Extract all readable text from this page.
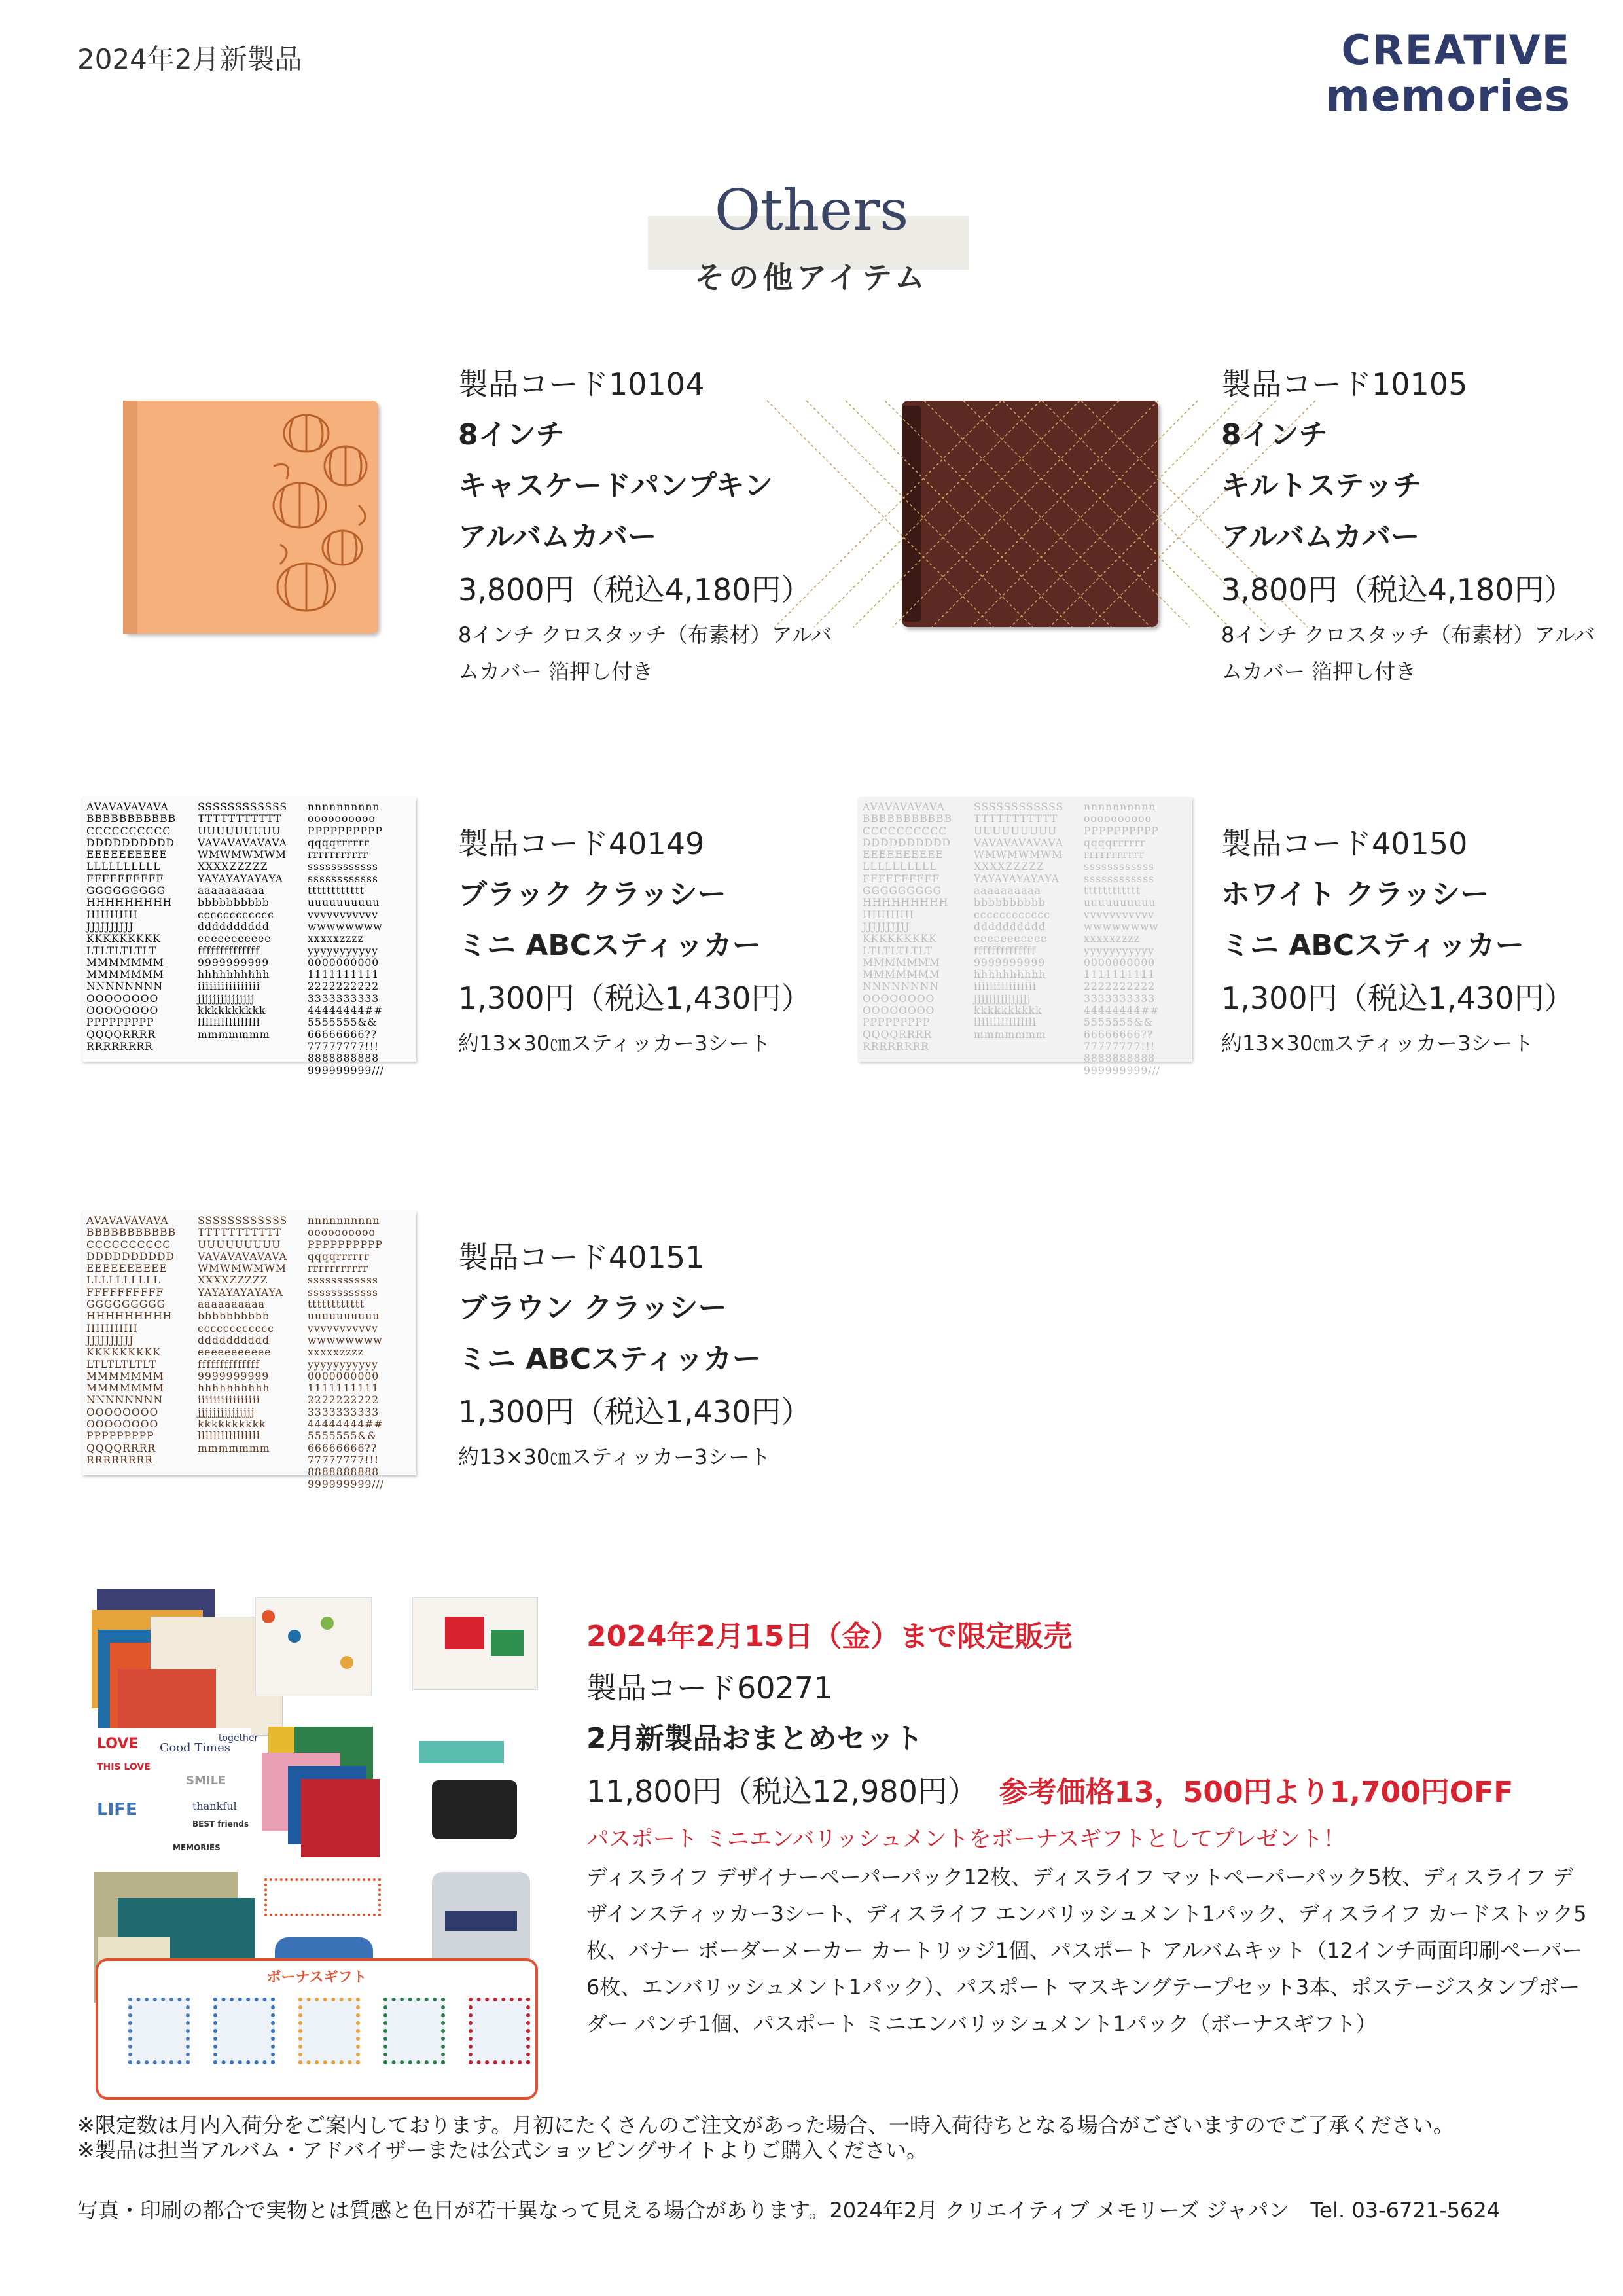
2024年2月新製品	CREATIVE
memories
Others
その他アイテム
製品コード10104
8インチ
キャスケードパンプキン
アルバムカバー
3,800円（税込4,180円）
8インチ クロスタッチ（布素材）アルバ
ムカバー 箔押し付き
製品コード10105
8インチ
キルトステッチ
アルバムカバー
3,800円（税込4,180円）
8インチ クロスタッチ（布素材）アルバ
ムカバー 箔押し付き
AVAVAVAVAVA
BBBBBBBBBBB
CCCCCCCCCC
DDDDDDDDDD
EEEEEEEEEE
LLLLLLLLLL
FFFFFFFFFF
GGGGGGGGG
HHHHHHHHH
IIIIIIIIIII
JJJJJJJJJJ
KKKKKKKKK
LTLTLTLTLT
MMMMMMM
MMMMMMM
NNNNNNNN
OOOOOOOO
OOOOOOOO
PPPPPPPPP
QQQQRRRR
RRRRRRRR
SSSSSSSSSSSS
TTTTTTTTTTT
UUUUUUUUU
VAVAVAVAVAVA
WMWMWMWM
XXXXZZZZZ
YAYAYAYAYAYA
aaaaaaaaaa
bbbbbbbbbb
cccccccccccc
dddddddddd
eeeeeeeeeee
ffffffffffffff
9999999999
hhhhhhhhhh
iiiiiiiiiiiiiiii
jjjjjjjjjjjjjjj
kkkkkkkkkk
llllllllllllllll
mmmmmmm
nnnnnnnnnn
oooooooooo
PPPPPPPPPP
qqqqrrrrrr
rrrrrrrrrrr
ssssssssssss
ssssssssssss
tttttttttttt
uuuuuuuuuu
vvvvvvvvvvv
wwwwwwww
xxxxxzzzz
yyyyyyyyyyy
0000000000
1111111111
2222222222
3333333333
44444444##
5555555&&
66666666??
77777777!!!
8888888888
999999999///
製品コード40149
ブラック クラッシー
ミニ ABCスティッカー
1,300円（税込1,430円）
約13×30㎝スティッカー3シート
AVAVAVAVAVA
BBBBBBBBBBB
CCCCCCCCCC
DDDDDDDDDD
EEEEEEEEEE
LLLLLLLLLL
FFFFFFFFFF
GGGGGGGGG
HHHHHHHHH
IIIIIIIIIII
JJJJJJJJJJ
KKKKKKKKK
LTLTLTLTLT
MMMMMMM
MMMMMMM
NNNNNNNN
OOOOOOOO
OOOOOOOO
PPPPPPPPP
QQQQRRRR
RRRRRRRR
SSSSSSSSSSSS
TTTTTTTTTTT
UUUUUUUUU
VAVAVAVAVAVA
WMWMWMWM
XXXXZZZZZ
YAYAYAYAYAYA
aaaaaaaaaa
bbbbbbbbbb
cccccccccccc
dddddddddd
eeeeeeeeeee
ffffffffffffff
9999999999
hhhhhhhhhh
iiiiiiiiiiiiiiii
jjjjjjjjjjjjjjj
kkkkkkkkkk
llllllllllllllll
mmmmmmm
nnnnnnnnnn
oooooooooo
PPPPPPPPPP
qqqqrrrrrr
rrrrrrrrrrr
ssssssssssss
ssssssssssss
tttttttttttt
uuuuuuuuuu
vvvvvvvvvvv
wwwwwwww
xxxxxzzzz
yyyyyyyyyyy
0000000000
1111111111
2222222222
3333333333
44444444##
5555555&&
66666666??
77777777!!!
8888888888
999999999///
製品コード40150
ホワイト クラッシー
ミニ ABCスティッカー
1,300円（税込1,430円）
約13×30㎝スティッカー3シート
AVAVAVAVAVA
BBBBBBBBBBB
CCCCCCCCCC
DDDDDDDDDD
EEEEEEEEEE
LLLLLLLLLL
FFFFFFFFFF
GGGGGGGGG
HHHHHHHHH
IIIIIIIIIII
JJJJJJJJJJ
KKKKKKKKK
LTLTLTLTLT
MMMMMMM
MMMMMMM
NNNNNNNN
OOOOOOOO
OOOOOOOO
PPPPPPPPP
QQQQRRRR
RRRRRRRR
SSSSSSSSSSSS
TTTTTTTTTTT
UUUUUUUUU
VAVAVAVAVAVA
WMWMWMWM
XXXXZZZZZ
YAYAYAYAYAYA
aaaaaaaaaa
bbbbbbbbbb
cccccccccccc
dddddddddd
eeeeeeeeeee
ffffffffffffff
9999999999
hhhhhhhhhh
iiiiiiiiiiiiiiii
jjjjjjjjjjjjjjj
kkkkkkkkkk
llllllllllllllll
mmmmmmm
nnnnnnnnnn
oooooooooo
PPPPPPPPPP
qqqqrrrrrr
rrrrrrrrrrr
ssssssssssss
ssssssssssss
tttttttttttt
uuuuuuuuuu
vvvvvvvvvvv
wwwwwwww
xxxxxzzzz
yyyyyyyyyyy
0000000000
1111111111
2222222222
3333333333
44444444##
5555555&&
66666666??
77777777!!!
8888888888
999999999///
製品コード40151
ブラウン クラッシー
ミニ ABCスティッカー
1,300円（税込1,430円）
約13×30㎝スティッカー3シート
LOVE
THIS LOVE
Good Times
SMILE
together
LIFE	thankful
BEST friends
MEMORIES
ボーナスギフト
2024年2月15日（金）まで限定販売
製品コード60271
2月新製品おまとめセット
11,800円（税込12,980円） 参考価格13，500円より1,700円OFF
パスポート ミニエンバリッシュメントをボーナスギフトとしてプレゼント！
ディスライフ デザイナーペーパーパック12枚、ディスライフ マットペーパーパック5枚、ディスライフ デ
ザインスティッカー3シート、ディスライフ エンバリッシュメント1パック、ディスライフ カードストック5
枚、バナー ボーダーメーカー カートリッジ1個、パスポート アルバムキット（12インチ両面印刷ペーパー
6枚、エンバリッシュメント1パック）、パスポート マスキングテープセット3本、ポステージスタンプボー
ダー パンチ1個、パスポート ミニエンバリッシュメント1パック（ボーナスギフト）
※限定数は月内入荷分をご案内しております。月初にたくさんのご注文があった場合、一時入荷待ちとなる場合がございますのでご了承ください。
※製品は担当アルバム・アドバイザーまたは公式ショッピングサイトよりご購入ください。
写真・印刷の都合で実物とは質感と色目が若干異なって見える場合があります。2024年2月 クリエイティブ メモリーズ ジャパン　Tel. 03-6721-5624
